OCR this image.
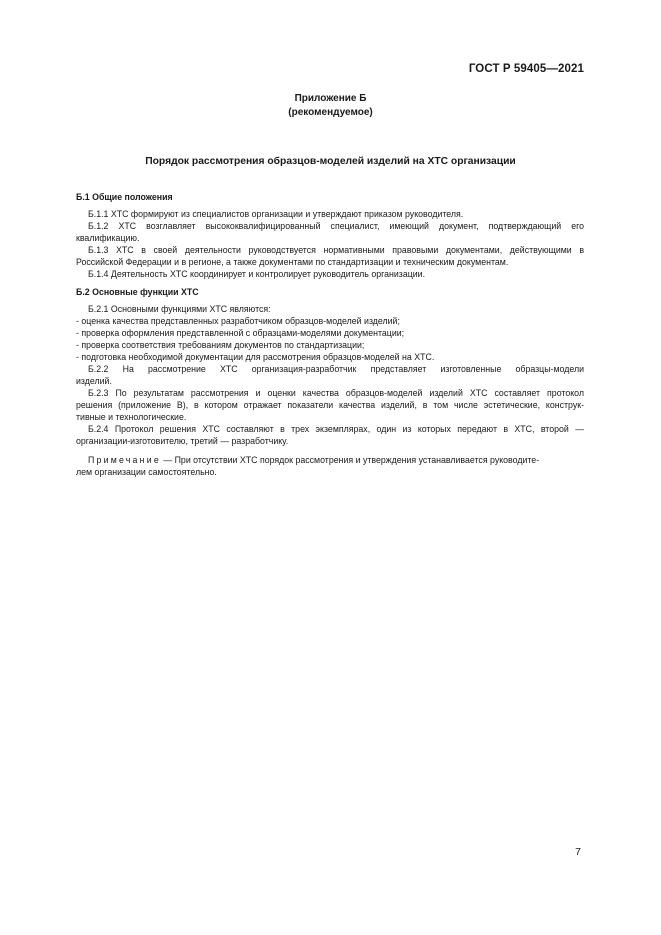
ГОСТ Р 59405—2021
Приложение Б
(рекомендуемое)
Порядок рассмотрения образцов-моделей изделий на ХТС организации
Б.1 Общие положения

Б.1.1 ХТС формируют из специалистов организации и утверждают приказом руководителя.

Б.1.2 ХТС возглавляет высококвалифицированный специалист, имеющий документ, подтверждающий его

квалификацию.

Б.1.3 ХТС в своей деятельности руководствуется нормативными правовыми документами, действующими в

Российской Федерации и в регионе, а также документами по стандартизации и техническим документам.

Б.1.4 Деятельность ХТС координирует и контролирует руководитель организации.

Б.2 Основные функции ХТС

Б.2.1 Основными функциями ХТС являются:

- оценка качества представленных разработчиком образцов-моделей изделий;

- проверка оформления представленной с образцами-моделями документации;

- проверка соответствия требованиям документов по стандартизации;

- подготовка необходимой документации для рассмотрения образцов-моделей на ХТС.

Б.2.2 На рассмотрение ХТС организация-разработчик представляет изготовленные образцы-модели

изделий.

Б.2.3 По результатам рассмотрения и оценки качества образцов-моделей изделий ХТС составляет протокол

решения (приложение В), в котором отражает показатели качества изделий, в том числе эстетические, конструк-

тивные и технологические.

Б.2.4 Протокол решения ХТС составляют в трех экземплярах, один из которых передают в ХТС, второй —

организации-изготовителю, третий — разработчику.

Примечание — При отсутствии ХТС порядок рассмотрения и утверждения устанавливается руководите-
лем организации самостоятельно.
7
